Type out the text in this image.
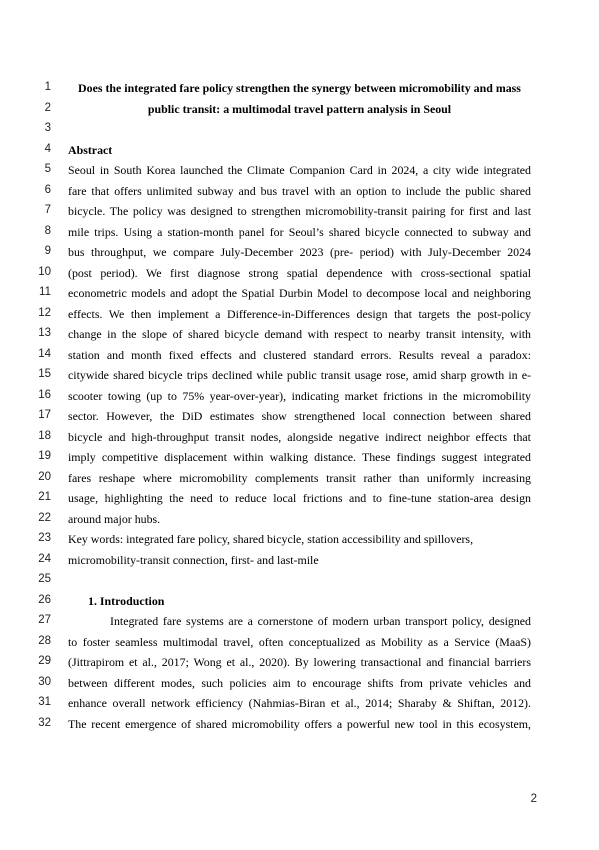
1	Does the integrated fare policy strengthen the synergy between micromobility and mass
2	public transit: a multimodal travel pattern analysis in Seoul
3
4 Abstract
5 Seoul in South Korea launched the Climate Companion Card in 2024, a city wide integrated
6 fare that offers unlimited subway and bus travel with an option to include the public shared
7 bicycle. The policy was designed to strengthen micromobility-transit pairing for first and last
8 mile trips. Using a station-month panel for Seoul’s shared bicycle connected to subway and
9 bus throughput, we compare July-December 2023 (pre- period) with July-December 2024
10 (post period). We first diagnose strong spatial dependence with cross-sectional spatial
11 econometric models and adopt the Spatial Durbin Model to decompose local and neighboring
12 effects. We then implement a Difference-in-Differences design that targets the post-policy
13 change in the slope of shared bicycle demand with respect to nearby transit intensity, with
14 station and month fixed effects and clustered standard errors. Results reveal a paradox:
15 citywide shared bicycle trips declined while public transit usage rose, amid sharp growth in e-
16 scooter towing (up to 75% year-over-year), indicating market frictions in the micromobility
17 sector. However, the DiD estimates show strengthened local connection between shared
18 bicycle and high-throughput transit nodes, alongside negative indirect neighbor effects that
19 imply competitive displacement within walking distance. These findings suggest integrated
20 fares reshape where micromobility complements transit rather than uniformly increasing
21 usage, highlighting the need to reduce local frictions and to fine-tune station-area design
22 around major hubs.
23 Key words: integrated fare policy, shared bicycle, station accessibility and spillovers,
24 micromobility-transit connection, first- and last-mile
25
26	1. Introduction
27	Integrated fare systems are a cornerstone of modern urban transport policy, designed
28 to foster seamless multimodal travel, often conceptualized as Mobility as a Service (MaaS)
29 (Jittrapirom et al., 2017; Wong et al., 2020). By lowering transactional and financial barriers
30 between different modes, such policies aim to encourage shifts from private vehicles and
31 enhance overall network efficiency (Nahmias-Biran et al., 2014; Sharaby & Shiftan, 2012).
32 The recent emergence of shared micromobility offers a powerful new tool in this ecosystem,
2
